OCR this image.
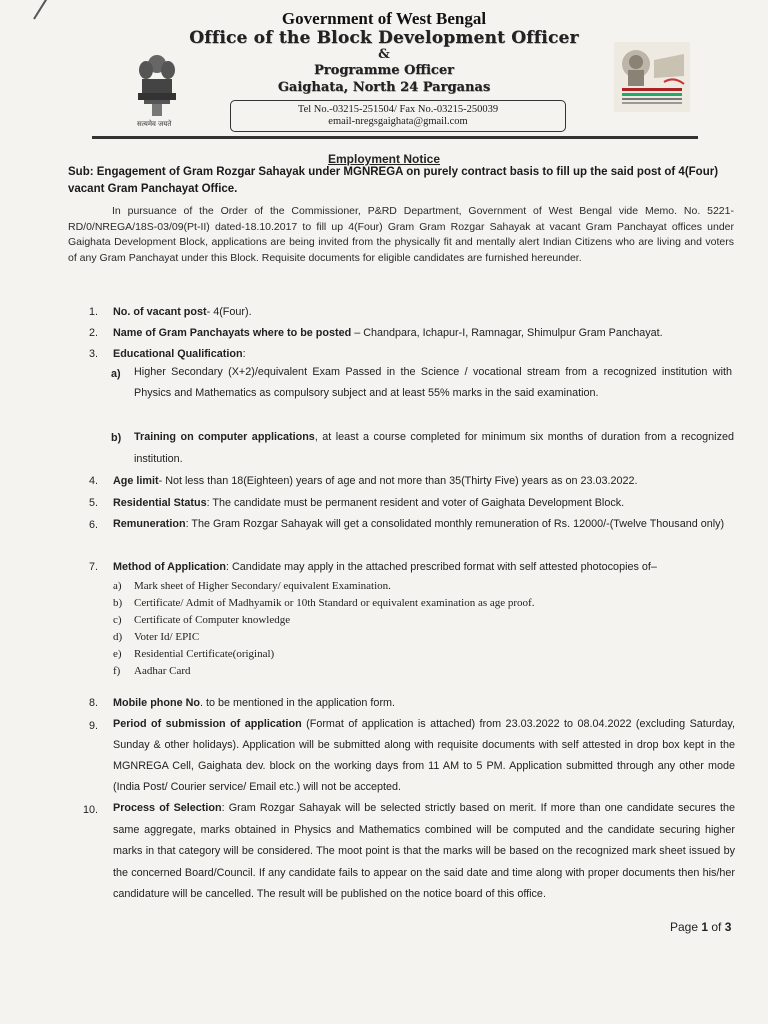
सत्यमेव जयते
Government of West Bengal
Office of the Block Development Officer
&
Programme Officer
Gaighata, North 24 Parganas
Tel No.-03215-251504/ Fax No.-03215-250039
email-nregsgaighata@gmail.com
Employment Notice
Sub: Engagement of Gram Rozgar Sahayak under MGNREGA on purely contract basis to fill up the said post of 4(Four) vacant Gram Panchayat Office.
In pursuance of the Order of the Commissioner, P&RD Department, Government of West Bengal vide Memo. No. 5221-RD/0/NREGA/18S-03/09(Pt-II) dated-18.10.2017 to fill up 4(Four) Gram Gram Rozgar Sahayak at vacant Gram Panchayat offices under Gaighata Development Block, applications are being invited from the physically fit and mentally alert Indian Citizens who are living and voters of any Gram Panchayat under this Block. Requisite documents for eligible candidates are furnished hereunder.
1. No. of vacant post- 4(Four).
2. Name of Gram Panchayats where to be posted – Chandpara, Ichapur-I, Ramnagar, Shimulpur Gram Panchayat.
3. Educational Qualification:
a) Higher Secondary (X+2)/equivalent Exam Passed in the Science / vocational stream from a recognized institution with Physics and Mathematics as compulsory subject and at least 55% marks in the said examination.
b) Training on computer applications, at least a course completed for minimum six months of duration from a recognized institution.
4. Age limit- Not less than 18(Eighteen) years of age and not more than 35(Thirty Five) years as on 23.03.2022.
5. Residential Status: The candidate must be permanent resident and voter of Gaighata Development Block.
6. Remuneration: The Gram Rozgar Sahayak will get a consolidated monthly remuneration of Rs. 12000/-(Twelve Thousand only)
7. Method of Application: Candidate may apply in the attached prescribed format with self attested photocopies of–
a) Mark sheet of Higher Secondary/ equivalent Examination.
b) Certificate/ Admit of Madhyamik or 10th Standard or equivalent examination as age proof.
c) Certificate of Computer knowledge
d) Voter Id/ EPIC
e) Residential Certificate(original)
f) Aadhar Card
8. Mobile phone No. to be mentioned in the application form.
9. Period of submission of application (Format of application is attached) from 23.03.2022 to 08.04.2022 (excluding Saturday, Sunday & other holidays). Application will be submitted along with requisite documents with self attested in drop box kept in the MGNREGA Cell, Gaighata dev. block on the working days from 11 AM to 5 PM. Application submitted through any other mode (India Post/ Courier service/ Email etc.) will not be accepted.
10. Process of Selection: Gram Rozgar Sahayak will be selected strictly based on merit. If more than one candidate secures the same aggregate, marks obtained in Physics and Mathematics combined will be computed and the candidate securing higher marks in that category will be considered. The moot point is that the marks will be based on the recognized mark sheet issued by the concerned Board/Council. If any candidate fails to appear on the said date and time along with proper documents then his/her candidature will be cancelled. The result will be published on the notice board of this office.
Page 1 of 3
